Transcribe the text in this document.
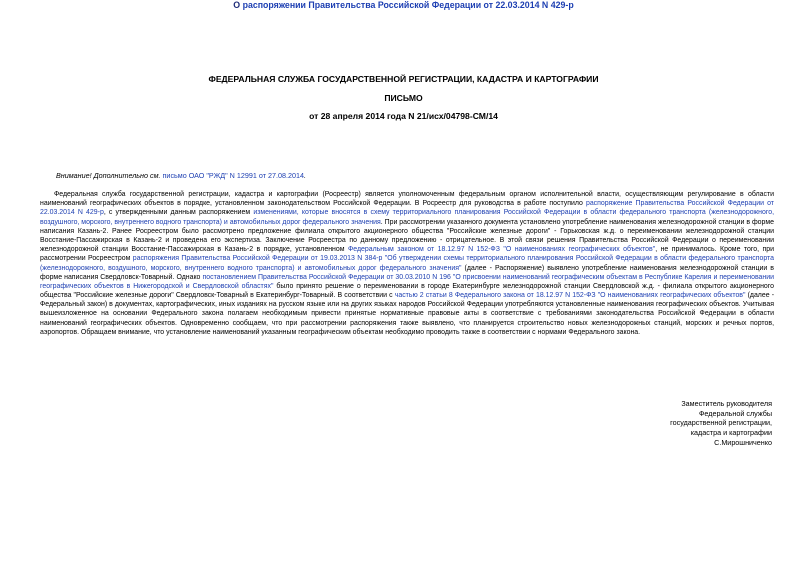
ФЕДЕРАЛЬНАЯ СЛУЖБА ГОСУДАРСТВЕННОЙ РЕГИСТРАЦИИ, КАДАСТРА И КАРТОГРАФИИ
ПИСЬМО
от 28 апреля 2014 года N 21/исх/04798-СМ/14
О распоряжении Правительства Российской Федерации от 22.03.2014 N 429-р
Внимание! Дополнительно см. письмо ОАО "РЖД" N 12991 от 27.08.2014.
Федеральная служба государственной регистрации, кадастра и картографии (Росреестр) является уполномоченным федеральным органом исполнительной власти, осуществляющим регулирование в области наименований географических объектов в порядке, установленном законодательством Российской Федерации. В Росреестр для руководства в работе поступило распоряжение Правительства Российской Федерации от 22.03.2014 N 429-р, с утвержденными данным распоряжением изменениями, которые вносятся в схему территориального планирования Российской Федерации в области федерального транспорта (железнодорожного, воздушного, морского, внутреннего водного транспорта) и автомобильных дорог федерального значения. При рассмотрении указанного документа установлено употребление наименования железнодорожной станции в форме написания Казань-2. Ранее Росреестром было рассмотрено предложение филиала открытого акционерного общества "Российские железные дороги" - Горьковская ж.д. о переименовании железнодорожной станции Восстание-Пассажирская в Казань-2 и проведена его экспертиза. Заключение Росреестра по данному предложению - отрицательное. В этой связи решения Правительства Российской Федерации о переименовании железнодорожной станции Восстание-Пассажирская в Казань-2 в порядке, установленном Федеральным законом от 18.12.97 N 152-ФЗ "О наименованиях географических объектов", не принималось. Кроме того, при рассмотрении Росреестром распоряжения Правительства Российской Федерации от 19.03.2013 N 384-р "Об утверждении схемы территориального планирования Российской Федерации в области федерального транспорта (железнодорожного, воздушного, морского, внутреннего водного транспорта) и автомобильных дорог федерального значения" (далее - Распоряжение) выявлено употребление наименования железнодорожной станции в форме написания Свердловск-Товарный. Однако постановлением Правительства Российской Федерации от 30.03.2010 N 196 "О присвоении наименований географическим объектам в Республике Карелия и переименовании географических объектов в Нижегородской и Свердловской областях" было принято решение о переименовании в городе Екатеринбурге железнодорожной станции Свердловской ж.д. - филиала открытого акционерного общества "Российские железные дороги" Свердловск-Товарный в Екатеринбург-Товарный. В соответствии с частью 2 статьи 8 Федерального закона от 18.12.97 N 152-ФЗ "О наименованиях географических объектов" (далее - Федеральный закон) в документах, картографических, иных изданиях на русском языке или на других языках народов Российской Федерации употребляются установленные наименования географических объектов. Учитывая вышеизложенное на основании Федерального закона полагаем необходимым привести принятые нормативные правовые акты в соответствие с требованиями законодательства Российской Федерации в области наименований географических объектов. Одновременно сообщаем, что при рассмотрении распоряжения также выявлено, что планируется строительство новых железнодорожных станций, морских и речных портов, аэропортов. Обращаем внимание, что установление наименований указанным географическим объектам необходимо проводить также в соответствии с нормами Федерального закона.
Заместитель руководителя
Федеральной службы
государственной регистрации,
кадастра и картографии
С.Мирошниченко
